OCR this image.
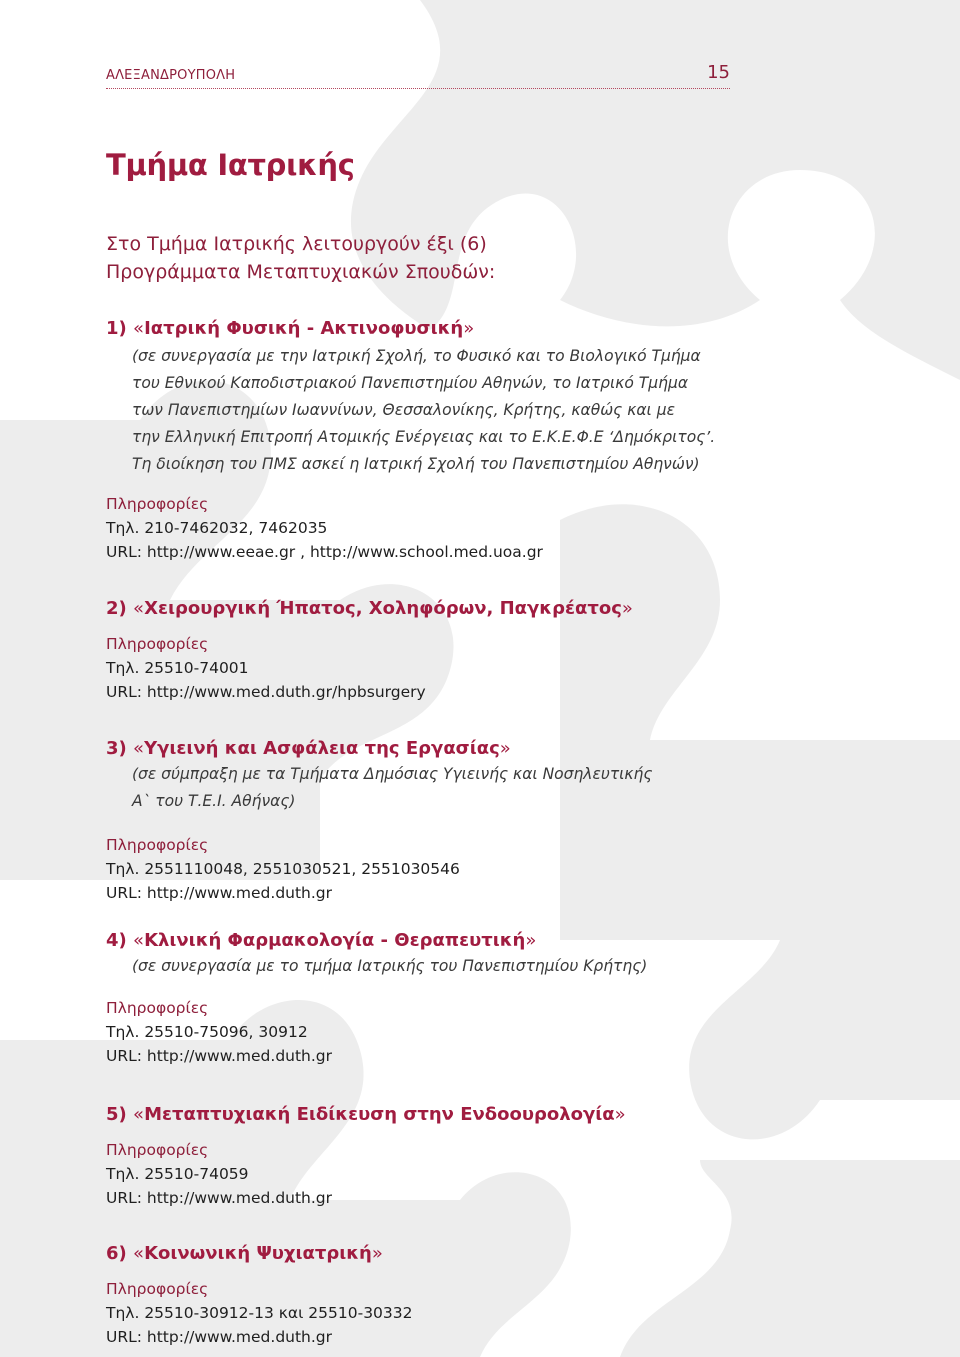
ΑΛΕΞΑΝΔΡΟΥΠΟΛΗ	15
Τμήμα Ιατρικής
Στο Τμήμα Ιατρικής λειτουργούν έξι (6)
Προγράμματα Μεταπτυχιακών Σπουδών:
1) «Ιατρική Φυσική - Ακτινοφυσική»
(σε συνεργασία με την Ιατρική Σχολή, το Φυσικό και το Βιολογικό Τμήμα
του Εθνικού Καποδιστριακού Πανεπιστημίου Αθηνών, το Ιατρικό Τμήμα
των Πανεπιστημίων Ιωαννίνων, Θεσσαλονίκης, Κρήτης, καθώς και με
την Ελληνική Επιτροπή Ατομικής Ενέργειας και το Ε.Κ.Ε.Φ.Ε ‘Δημόκριτος’.
Τη διοίκηση του ΠΜΣ ασκεί η Ιατρική Σχολή του Πανεπιστημίου Αθηνών)
Πληροφορίες
Τηλ. 210-7462032, 7462035
URL: http://www.eeae.gr , http://www.school.med.uoa.gr
2) «Χειρουργική Ήπατος, Χοληφόρων, Παγκρέατος»
Πληροφορίες
Τηλ. 25510-74001
URL: http://www.med.duth.gr/hpbsurgery
3) «Υγιεινή και Ασφάλεια της Εργασίας»
(σε σύμπραξη με τα Τμήματα Δημόσιας Υγιεινής και Νοσηλευτικής
Α` του Τ.Ε.Ι. Αθήνας)
Πληροφορίες
Τηλ. 2551110048, 2551030521, 2551030546
URL: http://www.med.duth.gr
4) «Κλινική Φαρμακολογία - Θεραπευτική»
(σε συνεργασία με το τμήμα Ιατρικής του Πανεπιστημίου Κρήτης)
Πληροφορίες
Τηλ. 25510-75096, 30912
URL: http://www.med.duth.gr
5) «Μεταπτυχιακή Ειδίκευση στην Ενδοουρολογία»
Πληροφορίες
Τηλ. 25510-74059
URL: http://www.med.duth.gr
6) «Κοινωνική Ψυχιατρική»
Πληροφορίες
Τηλ. 25510-30912-13 και 25510-30332
URL: http://www.med.duth.gr
